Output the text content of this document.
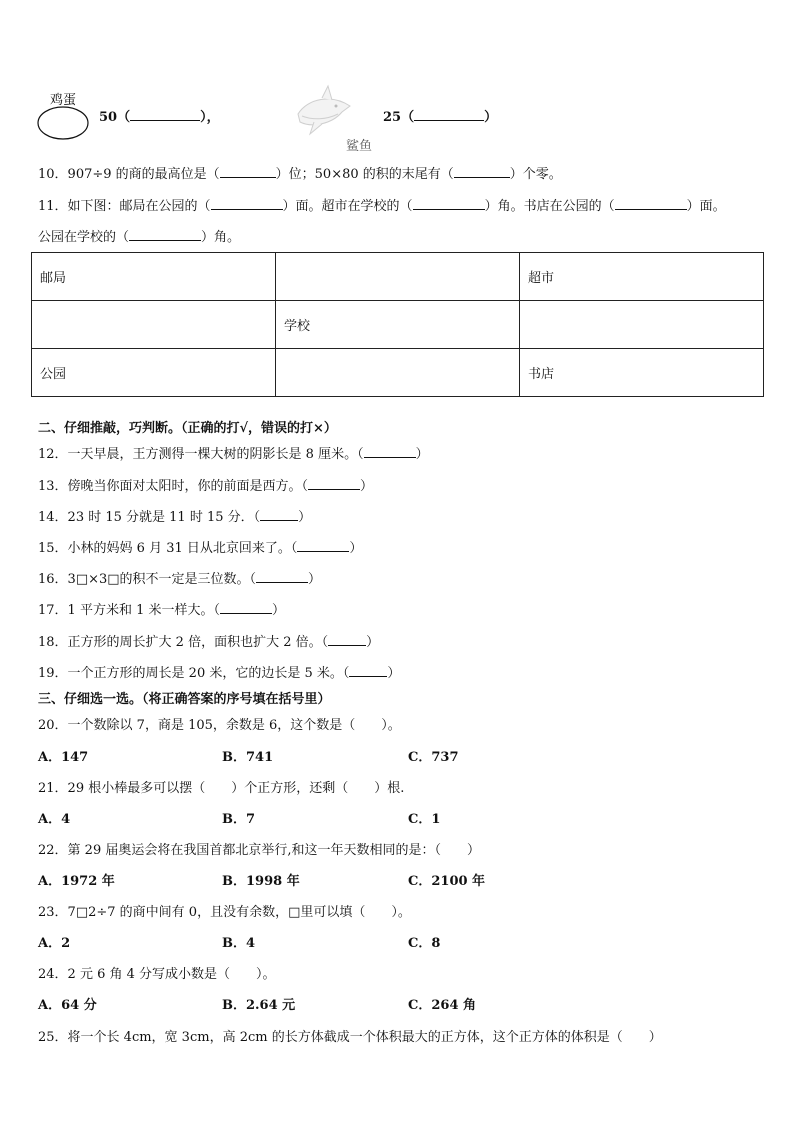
鸡蛋
50（	），
鲨鱼
25（	）
10．907÷9 的商的最高位是（	）位；50×80 的积的末尾有（	）个零。
11．如下图：邮局在公园的（	）面。超市在学校的（	）角。书店在公园的（	）面。
公园在学校的（	）角。
邮局		超市
	学校	
公园		书店
二、仔细推敲，巧判断。（正确的打√，错误的打×）
12．一天早晨，王方测得一棵大树的阴影长是 8 厘米。（	）
13．傍晚当你面对太阳时，你的前面是西方。（	）
14．23 时 15 分就是 11 时 15 分．（	）
15．小林的妈妈 6 月 31 日从北京回来了。（	）
16．3□×3□的积不一定是三位数。（	）
17．1 平方米和 1 米一样大。（	）
18．正方形的周长扩大 2 倍，面积也扩大 2 倍。（	）
19．一个正方形的周长是 20 米，它的边长是 5 米。（	）
三、仔细选一选。（将正确答案的序号填在括号里）
20．一个数除以 7，商是 105，余数是 6，这个数是（　　）。
A．147	B．741	C．737
21．29 根小棒最多可以摆（　　）个正方形，还剩（　　）根.
A．4	B．7	C．1
22．第 29 届奥运会将在我国首都北京举行,和这一年天数相同的是：（　　）
A．1972 年	B．1998 年	C．2100 年
23．7□2÷7 的商中间有 0，且没有余数，□里可以填（　　）。
A．2	B．4	C．8
24．2 元 6 角 4 分写成小数是（　　）。
A．64 分	B．2.64 元	C．264 角
25．将一个长 4cm，宽 3cm，高 2cm 的长方体截成一个体积最大的正方体，这个正方体的体积是（　　）
